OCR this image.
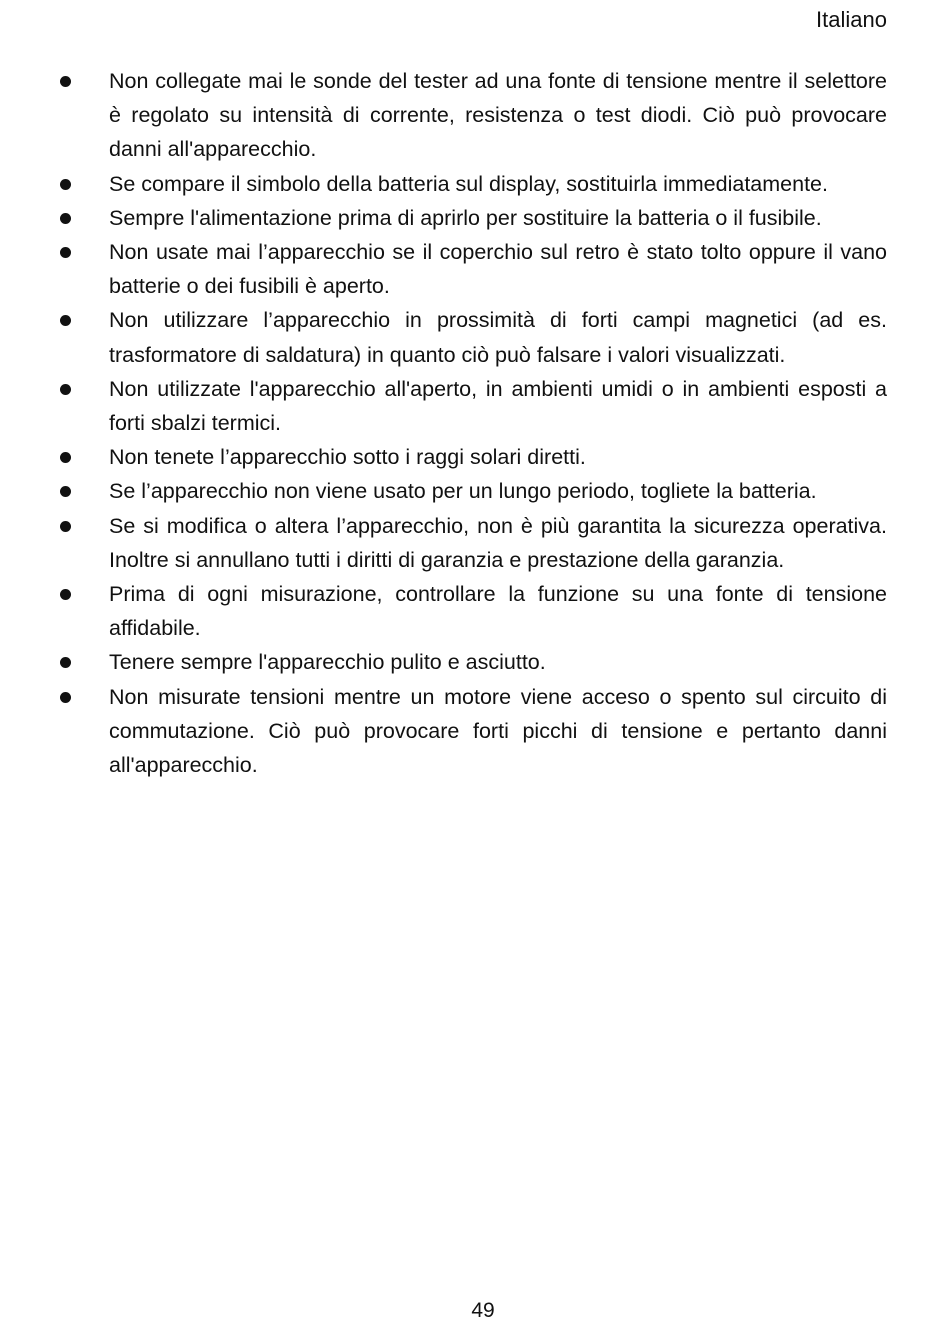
Italiano
Non collegate mai le sonde del tester ad una fonte di tensione mentre il selettore è regolato su intensità di corrente, resistenza o test diodi. Ciò può provocare danni all'apparecchio.
Se compare il simbolo della batteria sul display, sostituirla immediatamente.
Sempre l'alimentazione prima di aprirlo per sostituire la batteria o il fusibile.
Non usate mai l’apparecchio se il coperchio sul retro è stato tolto oppure il vano batterie o dei fusibili è aperto.
Non utilizzare l’apparecchio in prossimità di forti campi magnetici (ad es. trasformatore di saldatura) in quanto ciò può falsare i valori visualizzati.
Non utilizzate l'apparecchio all'aperto, in ambienti umidi o in ambienti esposti a forti sbalzi termici.
Non tenete l’apparecchio sotto i raggi solari diretti.
Se l’apparecchio non viene usato per un lungo periodo, togliete la batteria.
Se si modifica o altera l’apparecchio, non è più garantita la sicurezza operativa. Inoltre si annullano tutti i diritti di garanzia e prestazione della garanzia.
Prima di ogni misurazione, controllare la funzione su una fonte di tensione affidabile.
Tenere sempre l'apparecchio pulito e asciutto.
Non misurate tensioni mentre un motore viene acceso o spento sul circuito di commutazione. Ciò può provocare forti picchi di tensione e pertanto danni all'apparecchio.
49
